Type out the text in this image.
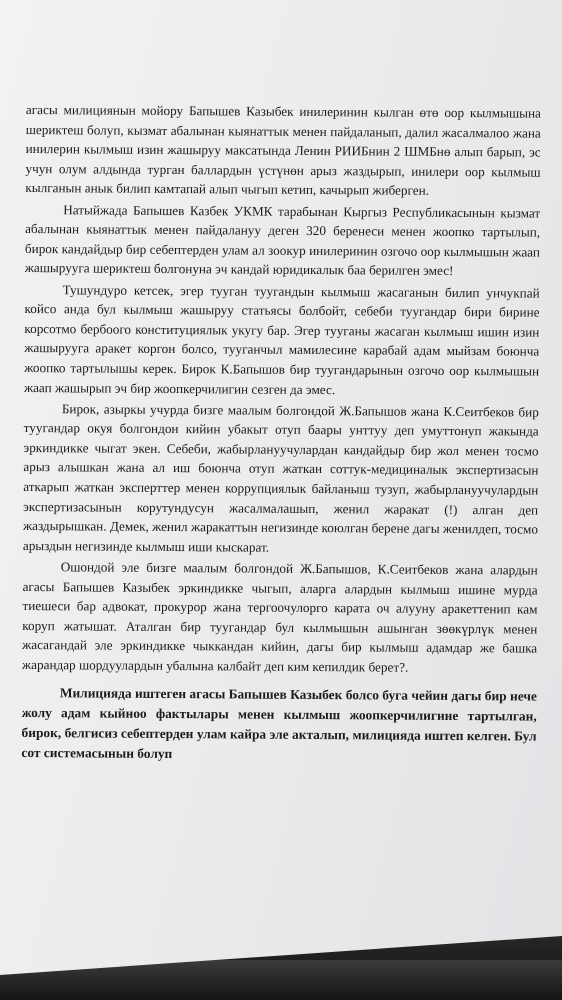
агасы милициянын мойору Бапышев Казыбек инилеринин кылган өтө оор кылмышына шериктеш болуп, кызмат абалынан кыянаттык менен пайдаланып, далил жасалмалоо жана инилерин кылмыш изин жашыруу максатында Ленин РИИБнин 2 ШМБнө алып барып, эс учун олум алдында турган баллардын үстүнөн арыз жаздырып, инилери оор кылмыш кылганын анык билип камтапай алып чыгып кетип, качырып жиберген.

Натыйжада Бапышев Казбек УКМК тарабынан Кыргыз Республикасынын кызмат абалынан кыянаттык менен пайдалануу деген 320 беренеси менен жоопко тартылып, бирок кандайдыр бир себептерден улам ал зоокур инилеринин озгочо оор кылмышын жаап жашырууга шериктеш болгонуна эч кандай юридикалык баа берилген эмес!

Тушундуро кетсек, эгер тууган туугандын кылмыш жасаганын билип унчукпай койсо анда бул кылмыш жашыруу статьясы болбойт, себеби туугандар бири бирине корсотмо бербоого конституциялык укугу бар. Эгер тууганы жасаган кылмыш ишин изин жашырууга аракет коргон болсо, тууганчыл мамилесине карабай адам мыйзам боюнча жоопко тартылышы керек. Бирок К.Бапышов бир туугандарынын озгочо оор кылмышын жаап жашырып эч бир жоопкерчилигин сезген да эмес.

Бирок, азыркы учурда бизге маалым болгондой Ж.Бапышов жана К.Сеитбеков бир туугандар окуя болгондон кийин убакыт отуп баары унттуу деп умуттонуп жакында эркиндикке чыгат экен. Себеби, жабырлануучулардан кандайдыр бир жол менен тосмо арыз алышкан жана ал иш боюнча отуп жаткан соттук-медициналык экспертизасын аткарып жаткан эксперттер менен коррупциялык байланыш тузуп, жабырлануучулардын экспертизасынын корутундусун жасалмалашып, женил жаракат (!) алган деп жаздырышкан. Демек, женил жаракаттын негизинде коюлган берене дагы женилдеп, тосмо арыздын негизинде кылмыш иши кыскарат.

Ошондой эле бизге маалым болгондой Ж.Бапышов, К.Сеитбеков жана алардын агасы Бапышев Казыбек эркиндикке чыгып, аларга алардын кылмыш ишине мурда тиешеси бар адвокат, прокурор жана тергоочулорго карата оч алууну аракеттенип кам коруп жатышат. Аталган бир туугандар бул кылмышын ашынган зөөкүрлүк менен жасагандай эле эркиндикке чыккандан кийин, дагы бир кылмыш адамдар же башка жарандар шордуулардын убалына калбайт деп ким кепилдик берет?.

Милицияда иштеген агасы Бапышев Казыбек болсо буга чейин дагы бир нече жолу адам кыйноо фактылары менен кылмыш жоопкерчилигине тартылган, бирок, белгисиз себептерден улам кайра эле акталып, милицияда иштеп келген. Бул сот системасынын болуп
